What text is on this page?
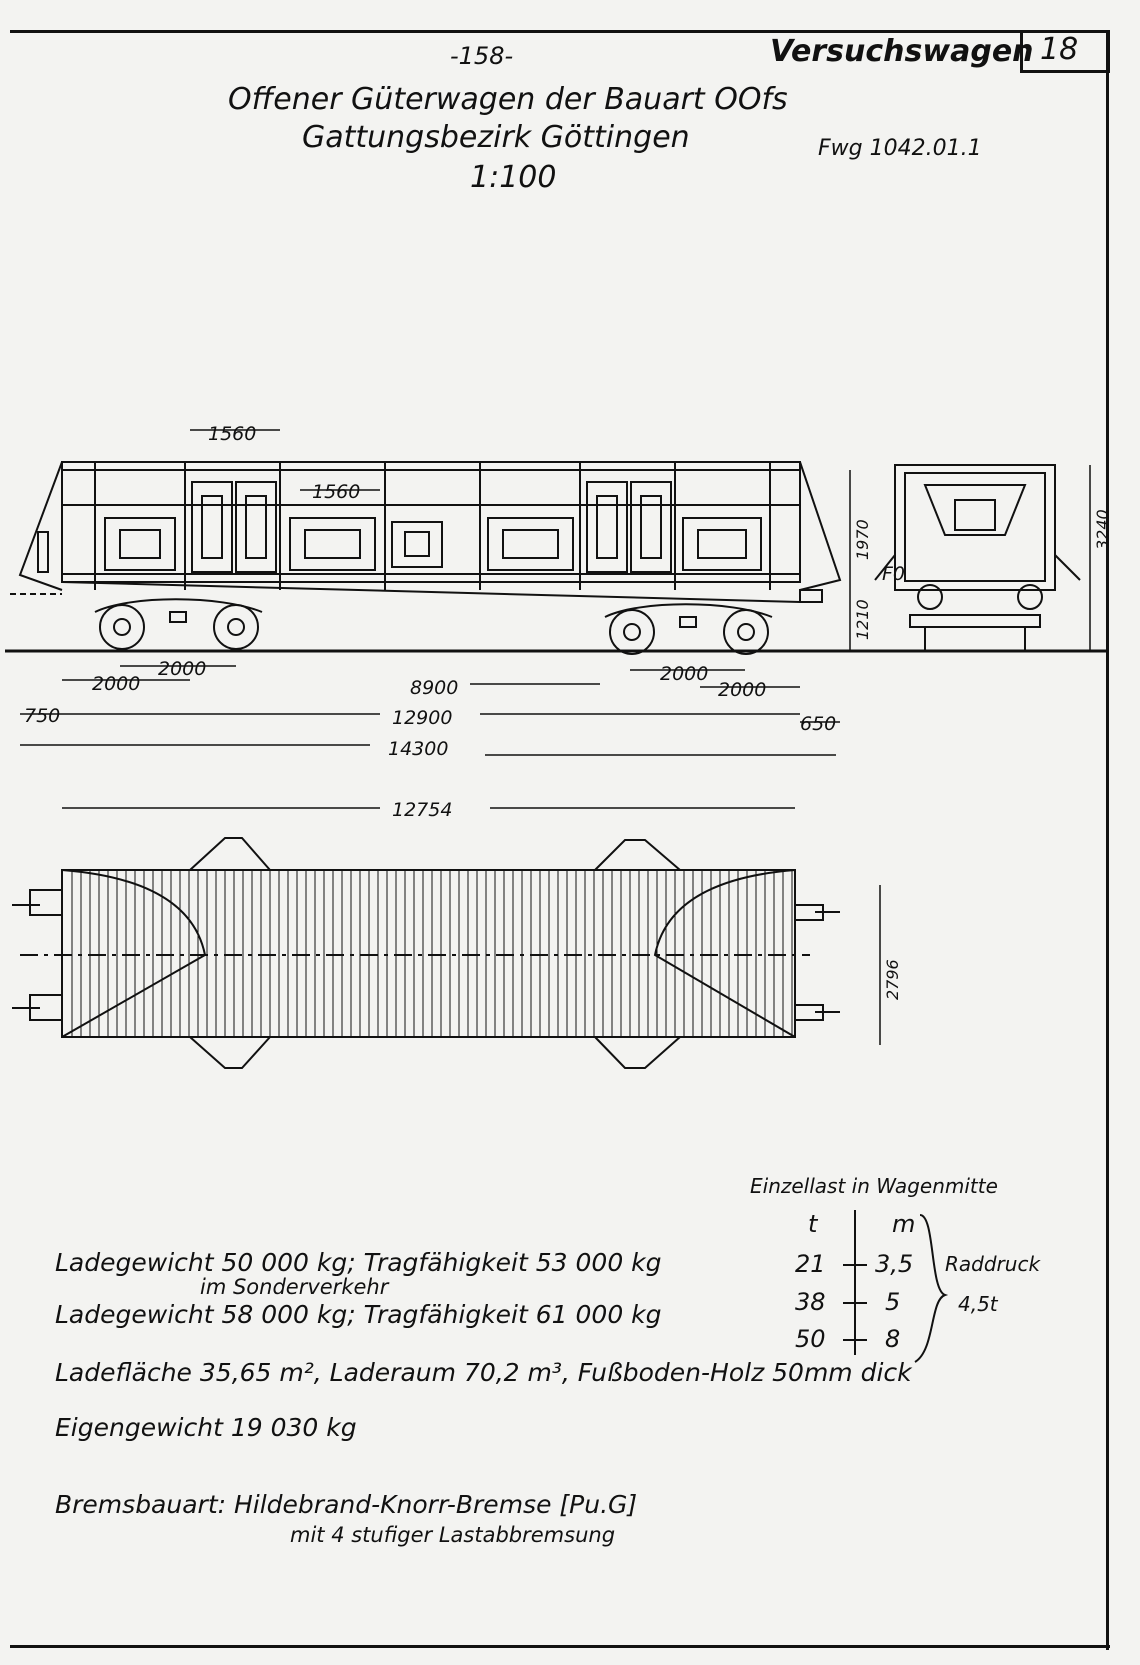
-158-	Versuchswagen 18
Offener Güterwagen der Bauart OOfs
Gattungsbezirk Göttingen	Fwg 1042.01.1
1:100
1560
1560
2000
2000
8900
2000
2000
750	12900	650
14300
12754
F0
1970
1210
3240
2796
Einzellast in Wagenmitte
t	m
21 3,5
38 5
50 8
Raddruck
4,5t
Ladegewicht 50 000 kg; Tragfähigkeit 53 000 kg
im Sonderverkehr
Ladegewicht 58 000 kg; Tragfähigkeit 61 000 kg
Ladefläche 35,65 m², Laderaum 70,2 m³, Fußboden-Holz 50mm dick
Eigengewicht 19 030 kg
Bremsbauart: Hildebrand-Knorr-Bremse [Pu.G]
mit 4 stufiger Lastabbremsung
